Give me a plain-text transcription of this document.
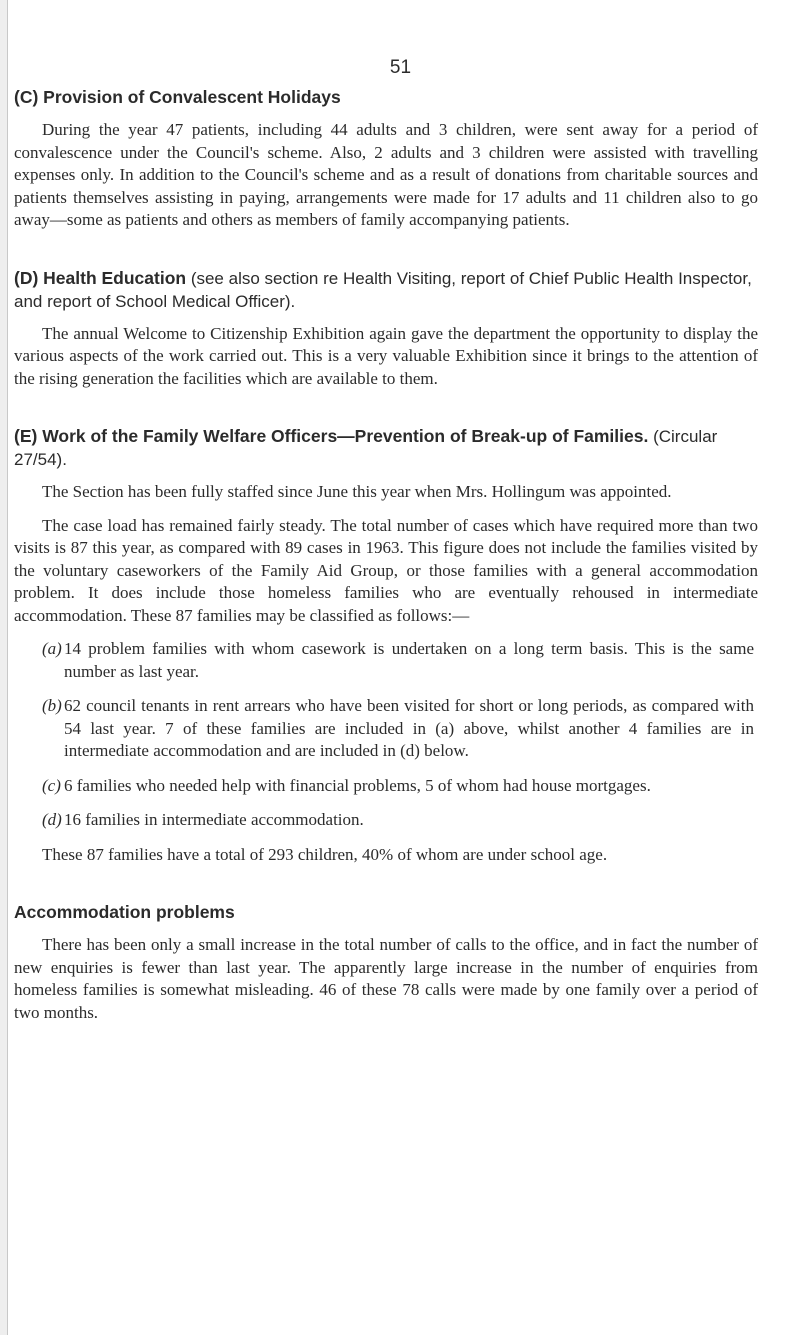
51
(C) Provision of Convalescent Holidays

During the year 47 patients, including 44 adults and 3 children, were sent away for a period of convalescence under the Council's scheme. Also, 2 adults and 3 children were assisted with travelling expenses only. In addition to the Council's scheme and as a result of donations from charitable sources and patients themselves assisting in paying, arrangements were made for 17 adults and 11 children also to go away—some as patients and others as members of family accompanying patients.

(D) Health Education (see also section re Health Visiting, report of Chief Public Health Inspector, and report of School Medical Officer).

The annual Welcome to Citizenship Exhibition again gave the department the opportunity to display the various aspects of the work carried out. This is a very valuable Exhibition since it brings to the attention of the rising generation the facilities which are available to them.

(E) Work of the Family Welfare Officers—Prevention of Break-up of Families. (Circular 27/54).

The Section has been fully staffed since June this year when Mrs. Hollingum was appointed.

The case load has remained fairly steady. The total number of cases which have required more than two visits is 87 this year, as compared with 89 cases in 1963. This figure does not include the families visited by the voluntary caseworkers of the Family Aid Group, or those families with a general accommodation problem. It does include those homeless families who are eventually rehoused in intermediate accommodation. These 87 families may be classified as follows:—

(a) 14 problem families with whom casework is undertaken on a long term basis. This is the same number as last year.
(b) 62 council tenants in rent arrears who have been visited for short or long periods, as compared with 54 last year. 7 of these families are included in (a) above, whilst another 4 families are in intermediate accommodation and are included in (d) below.
(c) 6 families who needed help with financial problems, 5 of whom had house mortgages.
(d) 16 families in intermediate accommodation.

These 87 families have a total of 293 children, 40% of whom are under school age.

Accommodation problems

There has been only a small increase in the total number of calls to the office, and in fact the number of new enquiries is fewer than last year. The apparently large increase in the number of enquiries from homeless families is somewhat misleading. 46 of these 78 calls were made by one family over a period of two months.
